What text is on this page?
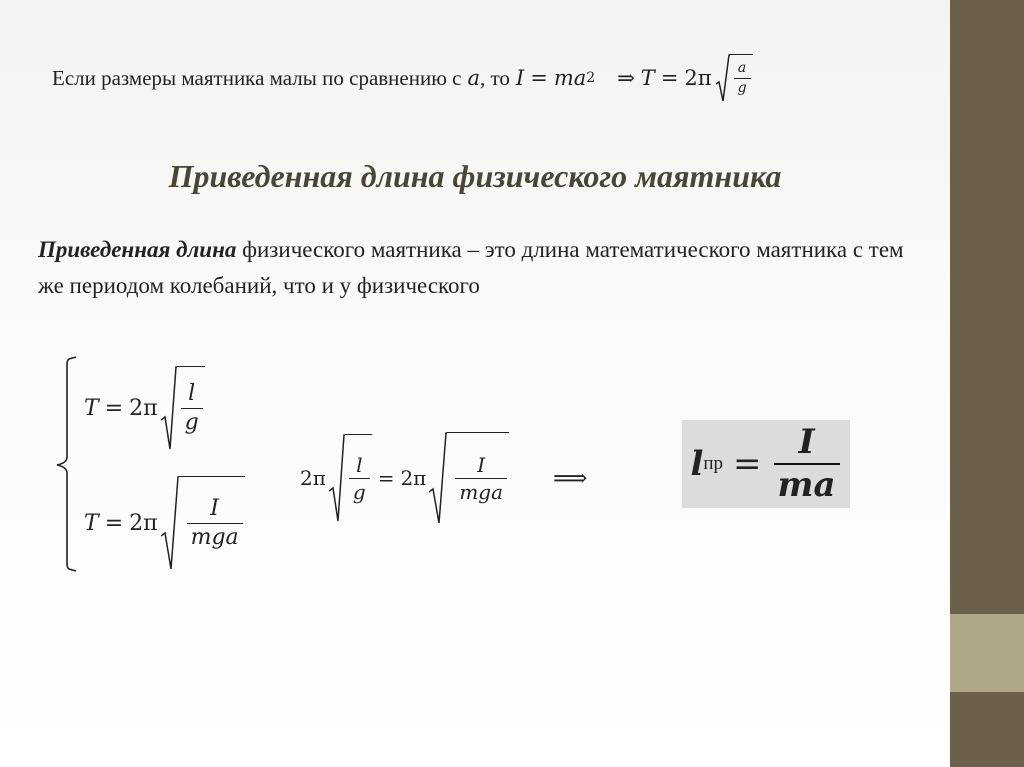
Если размеры маятника малы по сравнению с a , то I = ma 2 ⇒ $T = 2\pi \frac{a}{g}$
Приведенная длина физического маятника

Приведенная длина физического маятника – это длина математического маятника с тем же периодом колебаний, что и у физического

$T = 2\pi \frac{l}{g}$
$T = 2\pi \frac{I}{\text{mga}}$
$2\pi \frac{l}{g} = 2\pi \frac{I}{\text{mga}}$ ⟹	l пр = $\frac{I}{ma}$
